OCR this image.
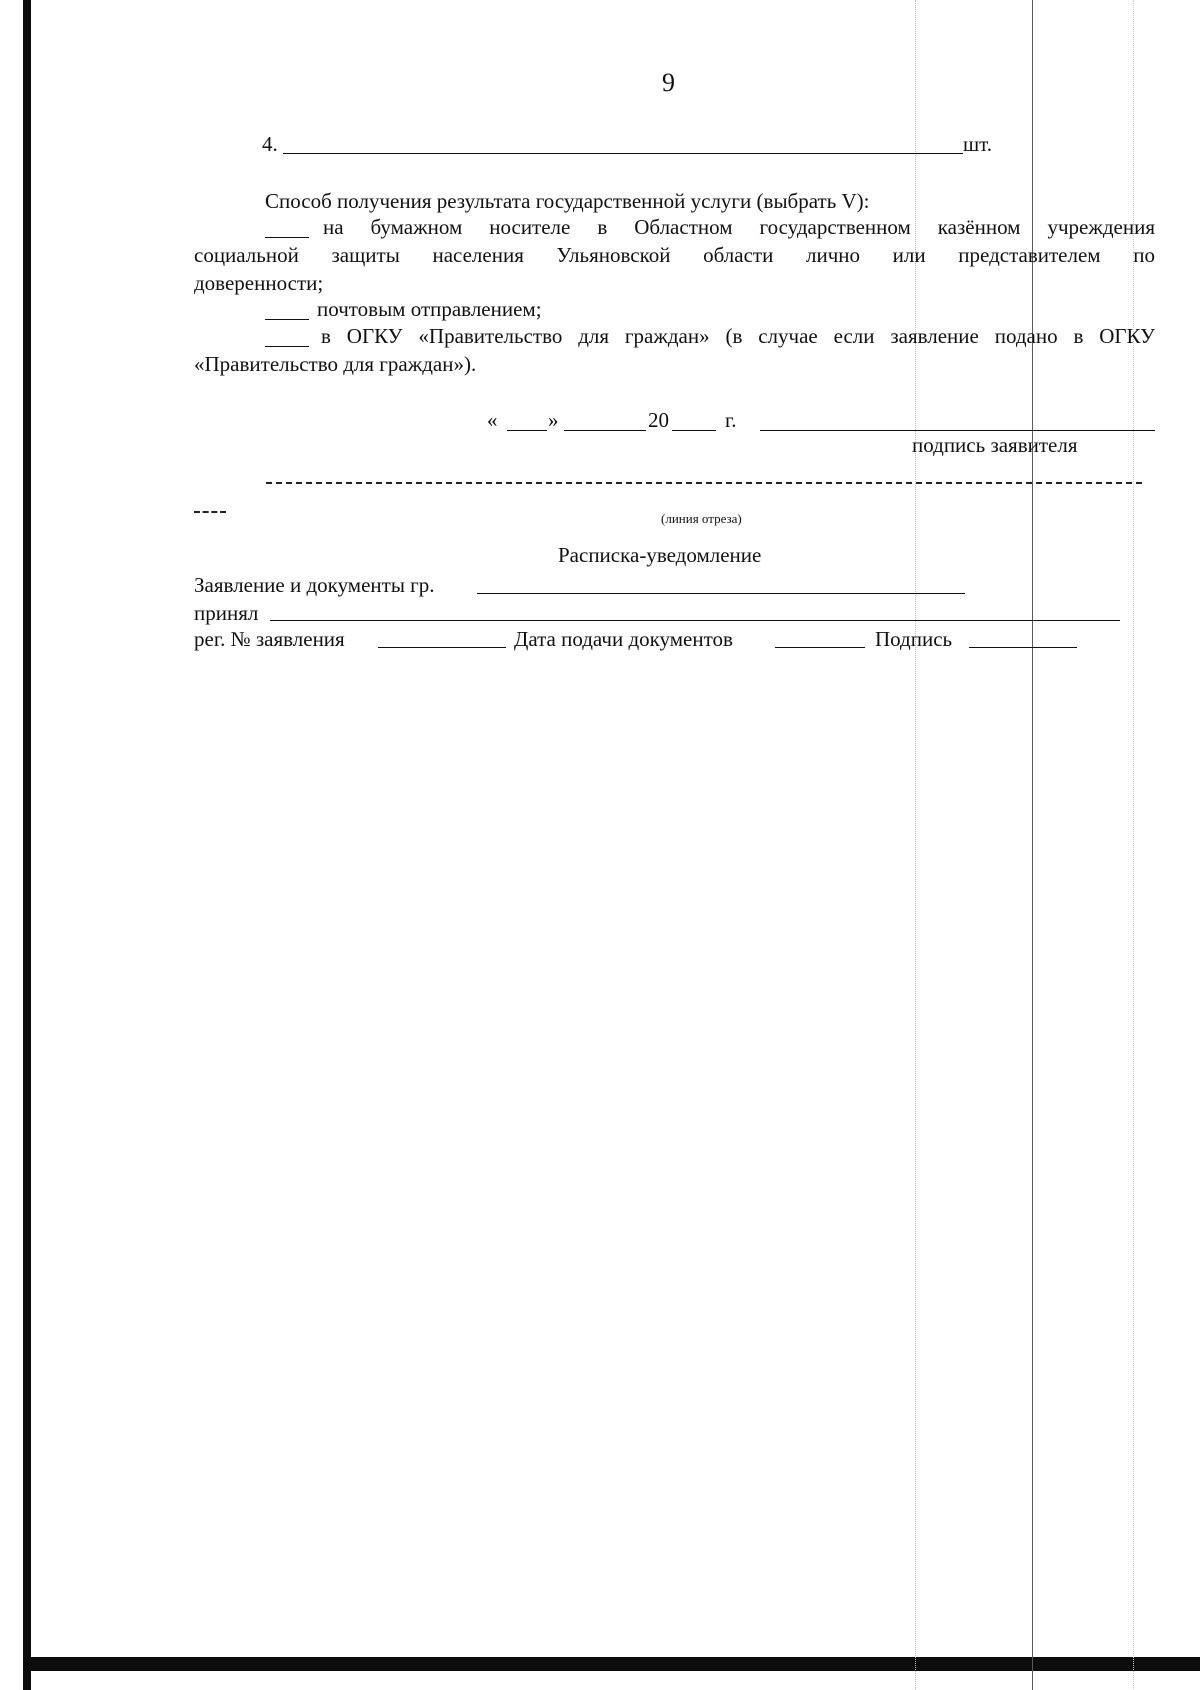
9
4.	шт.
Способ получения результата государственной услуги (выбрать V):
на бумажном носителе в Областном государственном казённом учреждения
социальной защиты населения Ульяновской области лично или представителем по
доверенности;
почтовым отправлением;
в ОГКУ «Правительство для граждан» (в случае если заявление подано в ОГКУ
«Правительство для граждан»).
« »	20	г.
подпись заявителя
(линия отреза)
Расписка-уведомление
Заявление и документы гр.
принял
рег. № заявления	Дата подачи документов	Подпись
